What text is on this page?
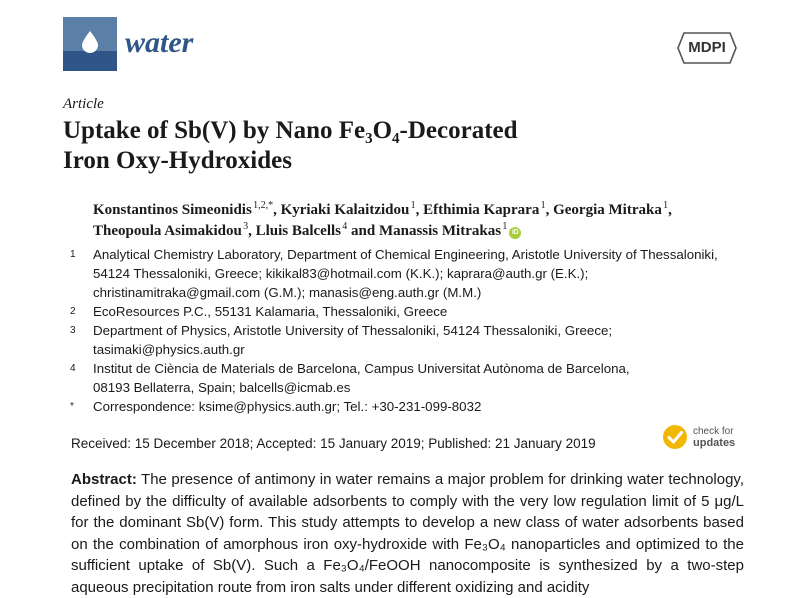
water	MDPI
Article
Uptake of Sb(V) by Nano Fe₃O₄-Decorated
Iron Oxy-Hydroxides
Konstantinos Simeonidis $^{1,2,*}$, Kyriaki Kalaitzidou $^1$, Efthimia Kaprara $^1$, Georgia Mitraka $^1$,
Theopoula Asimakidou $^3$, Lluis Balcells $^4$ and Manassis Mitrakas $^1$iD
1 Analytical Chemistry Laboratory, Department of Chemical Engineering, Aristotle University of Thessaloniki,
54124 Thessaloniki, Greece; kikikal83@hotmail.com (K.K.); kaprara@auth.gr (E.K.);
christinamitraka@gmail.com (G.M.); manasis@eng.auth.gr (M.M.)
2 EcoResources P.C., 55131 Kalamaria, Thessaloniki, Greece
3 Department of Physics, Aristotle University of Thessaloniki, 54124 Thessaloniki, Greece;
tasimaki@physics.auth.gr
4 Institut de Ciència de Materials de Barcelona, Campus Universitat Autònoma de Barcelona,
08193 Bellaterra, Spain; balcells@icmab.es
* Correspondence: ksime@physics.auth.gr; Tel.: +30-231-099-8032
Received: 15 December 2018; Accepted: 15 January 2019; Published: 21 January 2019
check for
updates

Abstract: The presence of antimony in water remains a major problem for drinking water technology, defined by the difficulty of available adsorbents to comply with the very low regulation limit of 5 μg/L for the dominant Sb(V) form. This study attempts to develop a new class of water adsorbents based on the combination of amorphous iron oxy-hydroxide with Fe₃O₄ nanoparticles and optimized to the sufficient uptake of Sb(V). Such a Fe₃O₄/FeOOH nanocomposite is synthesized by a two-step aqueous precipitation route from iron salts under different oxidizing and acidity
